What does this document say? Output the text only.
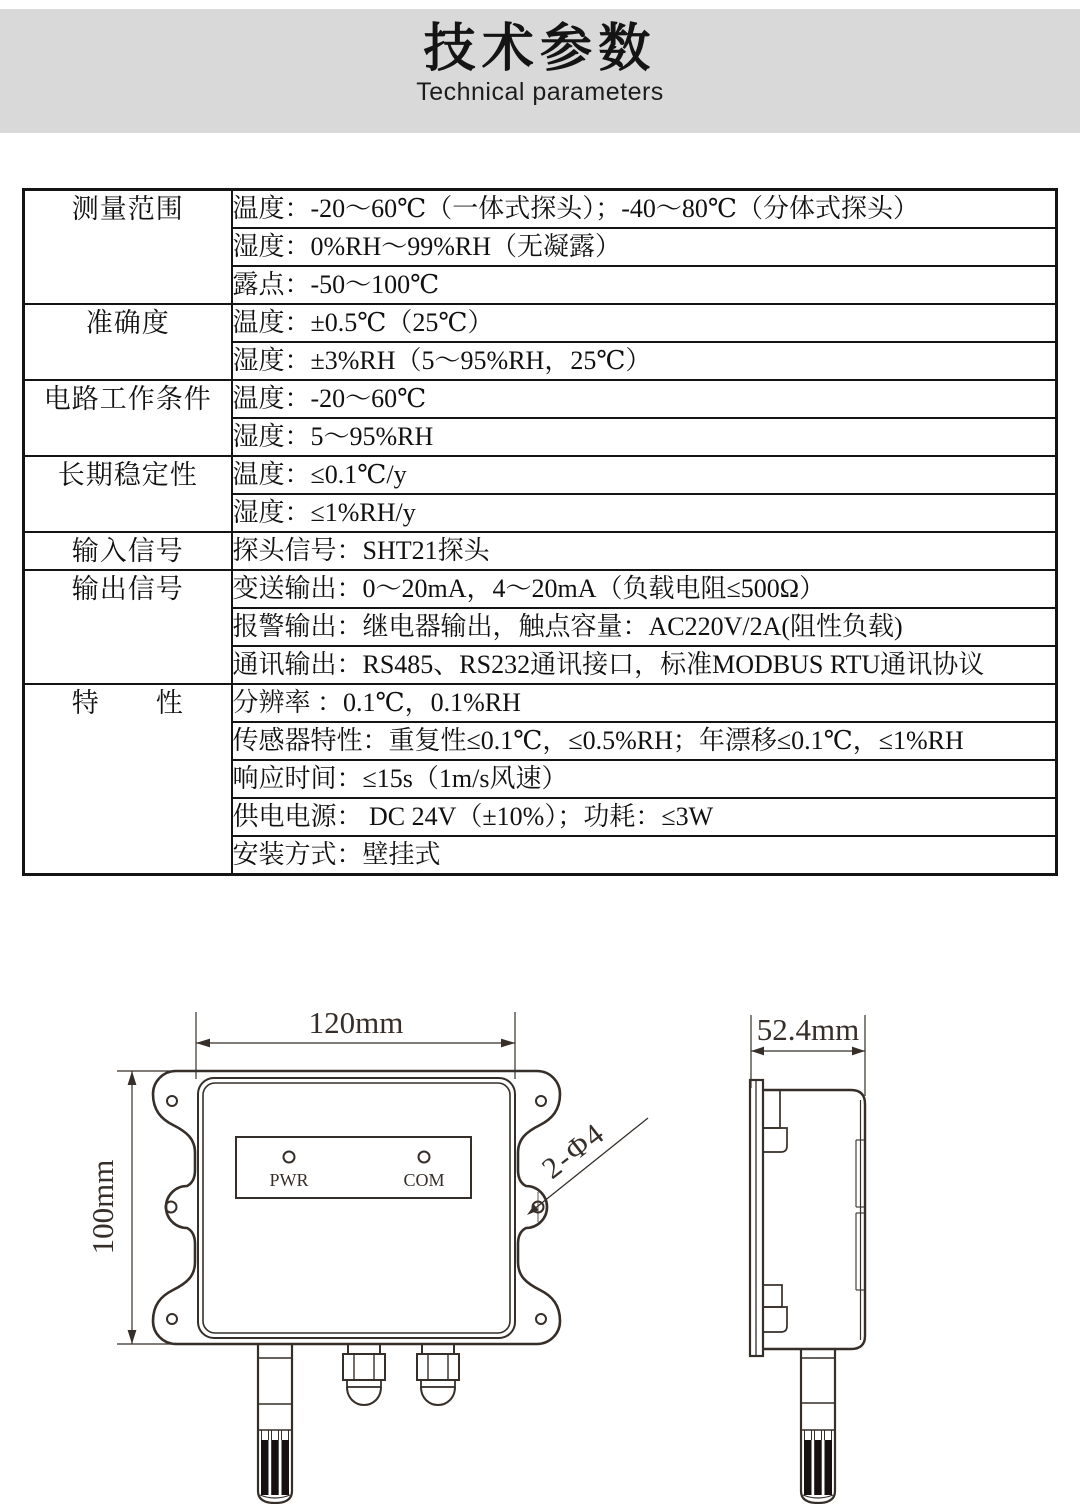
技术参数
Technical parameters
测量范围	温度：-20～60℃（一体式探头）；-40～80℃（分体式探头）
	湿度：0%RH～99%RH（无凝露）
	露点：-50～100℃
准确度	温度：±0.5℃（25℃）
	湿度：±3%RH（5～95%RH，25℃）
电路工作条件	温度：-20～60℃
	湿度：5～95%RH
长期稳定性	温度：≤0.1℃/y
	湿度：≤1%RH/y
输入信号	探头信号：SHT21探头
输出信号	变送输出：0～20mA，4～20mA（负载电阻≤500Ω）
	报警输出：继电器输出，触点容量：AC220V/2A(阻性负载)
	通讯输出：RS485、RS232通讯接口，标准MODBUS RTU通讯协议
特　　性	分辨率 ：0.1℃，0.1%RH
	传感器特性：重复性≤0.1℃，≤0.5%RH；年漂移≤0.1℃，≤1%RH
	响应时间：≤15s（1m/s风速）
	供电电源： DC 24V（±10%）；功耗：≤3W
	安装方式：壁挂式
120mm
100mm
2-Φ4
PWR	COM
52.4mm
